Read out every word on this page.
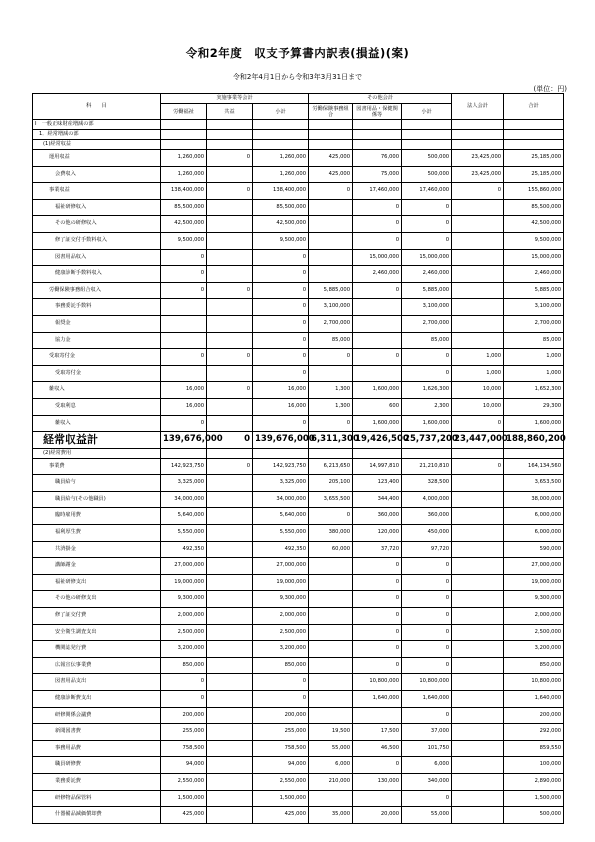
令和2年度　収支予算書内訳表(損益)(案)
令和2年4月1日から令和3年3月31日まで
(単位：円)
科　　目	実施事業等会計			その他会計			法人会計	合計
	労働福祉	共益	小計	労働保険事務組合	図書用品・保健関係等	小計		
Ⅰ　一般正味財産増減の部								
1．経常増減の部								
(1)経常収益								
運用収益	1,260,000	0	1,260,000	425,000	76,000	500,000	23,425,000	25,185,000
会費収入	1,260,000		1,260,000	425,000	75,000	500,000	23,425,000	25,185,000
事業収益	138,400,000	0	138,400,000	0	17,460,000	17,460,000	0	155,860,000
福祉研修収入	85,500,000		85,500,000		0	0		85,500,000
その他の研修収入	42,500,000		42,500,000		0	0		42,500,000
修了証交付手数料収入	9,500,000		9,500,000		0	0		9,500,000
図書用品収入	0		0		15,000,000	15,000,000		15,000,000
健康診断手数料収入	0		0		2,460,000	2,460,000		2,460,000
労働保険事務組合収入	0	0	0	5,885,000	0	5,885,000		5,885,000
事務委託手数料			0	3,100,000		3,100,000		3,100,000
報奨金			0	2,700,000		2,700,000		2,700,000
協力金			0	85,000		85,000		85,000
受取寄付金	0	0	0	0	0	0	1,000	1,000
受取寄付金			0			0	1,000	1,000
雑収入	16,000	0	16,000	1,300	1,600,000	1,626,300	10,000	1,652,300
受取利息	16,000		16,000	1,300	600	2,300	10,000	29,300
雑収入	0		0	0	1,600,000	1,600,000	0	1,600,000
経常収益計	139,676,000	0	139,676,000	6,311,300	19,426,500	25,737,200	23,447,000	188,860,200
(2)経常費用								
事業費	142,923,750	0	142,923,750	6,213,650	14,997,810	21,210,810	0	164,134,560
職員給与	3,325,000		3,325,000	205,100	123,400	328,500		3,653,500
職員給与(その他職員)	34,000,000		34,000,000	3,655,500	344,400	4,000,000		38,000,000
臨時雇用費	5,640,000		5,640,000	0	360,000	360,000		6,000,000
福利厚生費	5,550,000		5,550,000	380,000	120,000	450,000		6,000,000
共済掛金	492,350		492,350	60,000	37,720	97,720		590,000
講師謝金	27,000,000		27,000,000		0	0		27,000,000
福祉研修支出	19,000,000		19,000,000		0	0		19,000,000
その他の研修支出	9,300,000		9,300,000		0	0		9,300,000
修了証交付費	2,000,000		2,000,000		0	0		2,000,000
安全衛生調査支出	2,500,000		2,500,000		0	0		2,500,000
機関誌発行費	3,200,000		3,200,000		0	0		3,200,000
広報宣伝事業費	850,000		850,000		0	0		850,000
図書用品支出	0		0		10,800,000	10,800,000		10,800,000
健康診断費支出	0		0		1,640,000	1,640,000		1,640,000
研修関係会議費	200,000		200,000			0		200,000
新聞図書費	255,000		255,000	19,500	17,500	37,000		292,000
事務用品費	758,500		758,500	55,000	46,500	101,750		859,550
職員研修費	94,000		94,000	6,000	0	6,000		100,000
業務委託費	2,550,000		2,550,000	210,000	130,000	340,000		2,890,000
研修物品保管料	1,500,000		1,500,000			0		1,500,000
什器備品減価償却費	425,000		425,000	35,000	20,000	55,000		500,000
